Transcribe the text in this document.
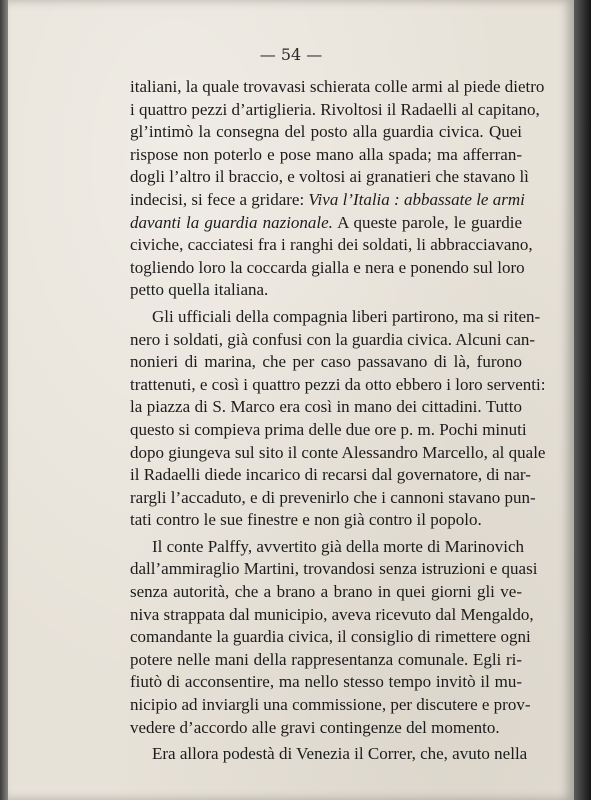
— 54 —
italiani, la quale trovavasi schierata colle armi al piede dietro
i quattro pezzi d’artiglieria. Rivoltosi il Radaelli al capitano,
gl’intimò la consegna del posto alla guardia civica. Quei
rispose non poterlo e pose mano alla spada; ma afferran-
dogli l’altro il braccio, e voltosi ai granatieri che stavano lì
indecisi, si fece a gridare: Viva l’Italia : abbassate le armi
davanti la guardia nazionale. A queste parole, le guardie
civiche, cacciatesi fra i ranghi dei soldati, li abbracciavano,
togliendo loro la coccarda gialla e nera e ponendo sul loro
petto quella italiana.
Gli ufficiali della compagnia liberi partirono, ma si riten-
nero i soldati, già confusi con la guardia civica. Alcuni can-
nonieri di marina, che per caso passavano di là, furono
trattenuti, e così i quattro pezzi da otto ebbero i loro serventi:
la piazza di S. Marco era così in mano dei cittadini. Tutto
questo si compieva prima delle due ore p. m. Pochi minuti
dopo giungeva sul sito il conte Alessandro Marcello, al quale
il Radaelli diede incarico di recarsi dal governatore, di nar-
rargli l’accaduto, e di prevenirlo che i cannoni stavano pun-
tati contro le sue finestre e non già contro il popolo.
Il conte Palffy, avvertito già della morte di Marinovich
dall’ammiraglio Martini, trovandosi senza istruzioni e quasi
senza autorità, che a brano a brano in quei giorni gli ve-
niva strappata dal municipio, aveva ricevuto dal Mengaldo,
comandante la guardia civica, il consiglio di rimettere ogni
potere nelle mani della rappresentanza comunale. Egli ri-
fiutò di acconsentire, ma nello stesso tempo invitò il mu-
nicipio ad inviargli una commissione, per discutere e prov-
vedere d’accordo alle gravi contingenze del momento.
Era allora podestà di Venezia il Correr, che, avuto nella
